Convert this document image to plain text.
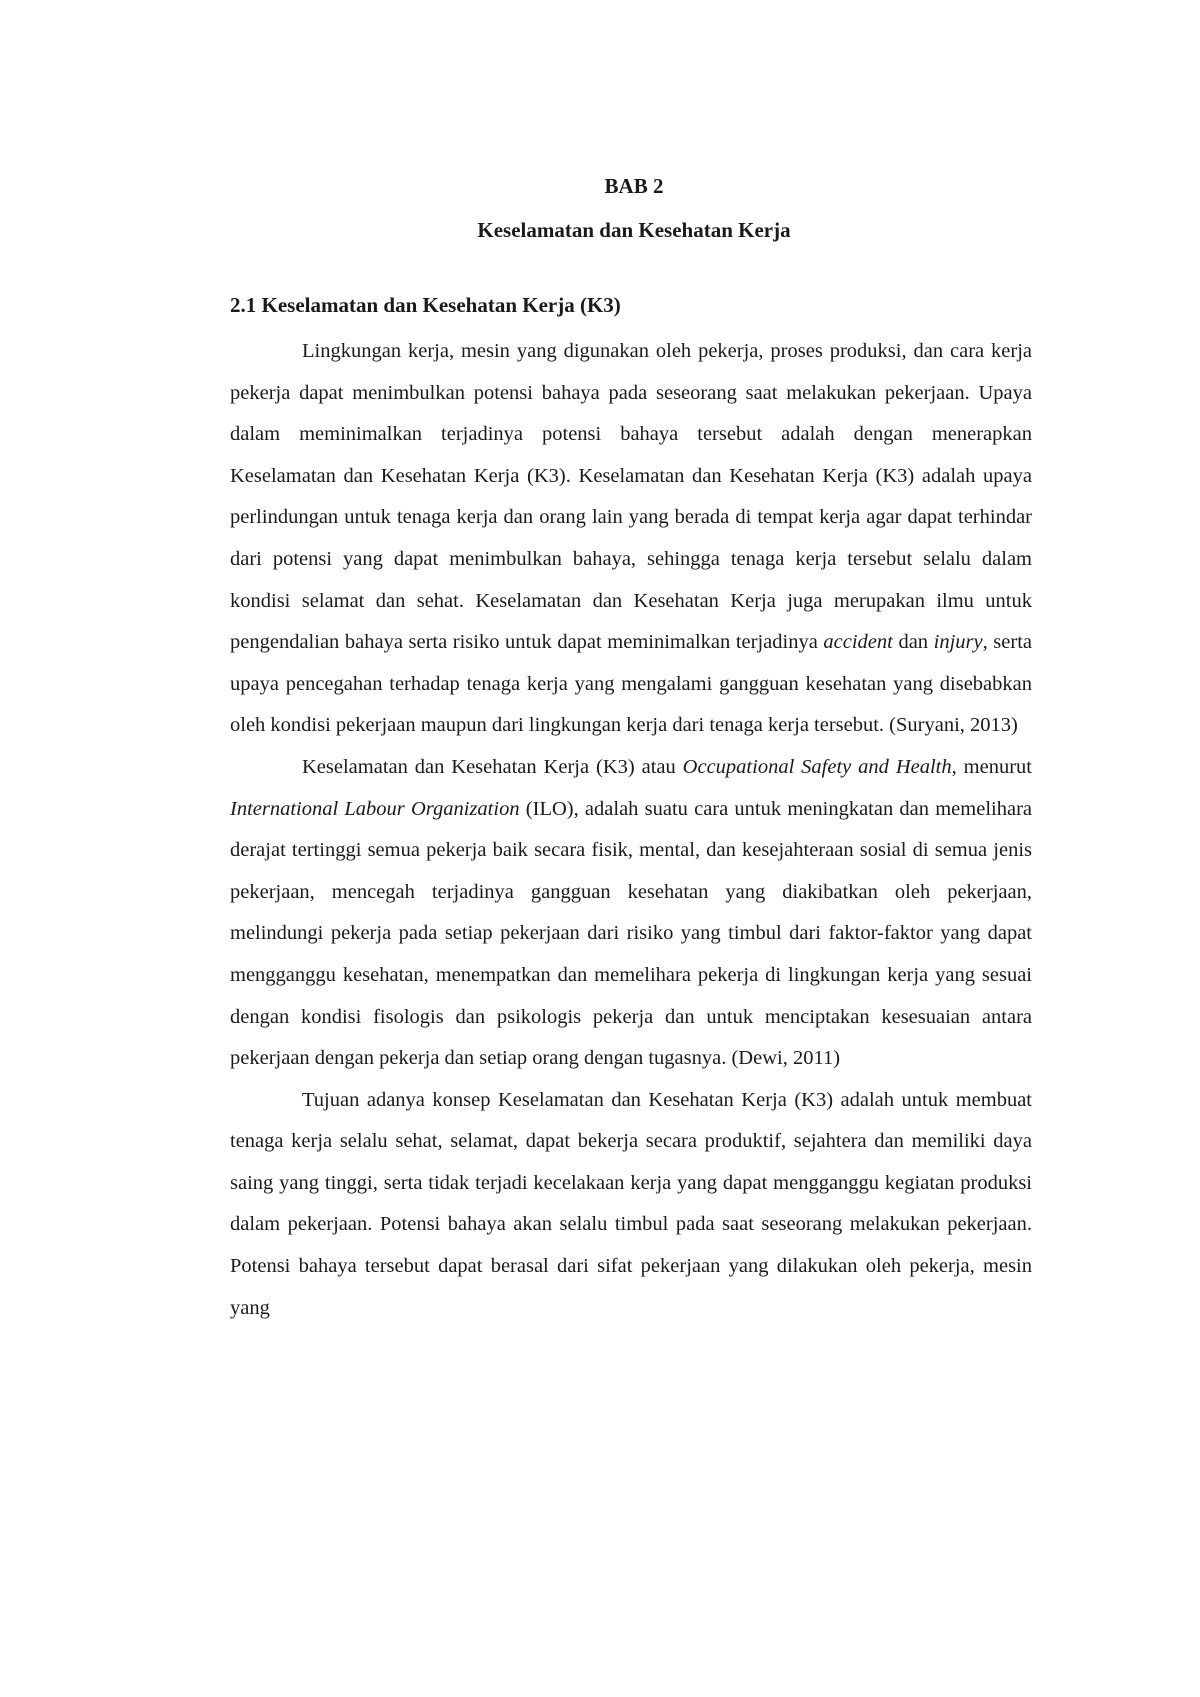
BAB 2
Keselamatan dan Kesehatan Kerja
2.1 Keselamatan dan Kesehatan Kerja (K3)

Lingkungan kerja, mesin yang digunakan oleh pekerja, proses produksi, dan cara kerja pekerja dapat menimbulkan potensi bahaya pada seseorang saat melakukan pekerjaan. Upaya dalam meminimalkan terjadinya potensi bahaya tersebut adalah dengan menerapkan Keselamatan dan Kesehatan Kerja (K3). Keselamatan dan Kesehatan Kerja (K3) adalah upaya perlindungan untuk tenaga kerja dan orang lain yang berada di tempat kerja agar dapat terhindar dari potensi yang dapat menimbulkan bahaya, sehingga tenaga kerja tersebut selalu dalam kondisi selamat dan sehat. Keselamatan dan Kesehatan Kerja juga merupakan ilmu untuk pengendalian bahaya serta risiko untuk dapat meminimalkan terjadinya accident dan injury, serta upaya pencegahan terhadap tenaga kerja yang mengalami gangguan kesehatan yang disebabkan oleh kondisi pekerjaan maupun dari lingkungan kerja dari tenaga kerja tersebut. (Suryani, 2013)

Keselamatan dan Kesehatan Kerja (K3) atau Occupational Safety and Health, menurut International Labour Organization (ILO), adalah suatu cara untuk meningkatan dan memelihara derajat tertinggi semua pekerja baik secara fisik, mental, dan kesejahteraan sosial di semua jenis pekerjaan, mencegah terjadinya gangguan kesehatan yang diakibatkan oleh pekerjaan, melindungi pekerja pada setiap pekerjaan dari risiko yang timbul dari faktor-faktor yang dapat mengganggu kesehatan, menempatkan dan memelihara pekerja di lingkungan kerja yang sesuai dengan kondisi fisologis dan psikologis pekerja dan untuk menciptakan kesesuaian antara pekerjaan dengan pekerja dan setiap orang dengan tugasnya. (Dewi, 2011)

Tujuan adanya konsep Keselamatan dan Kesehatan Kerja (K3) adalah untuk membuat tenaga kerja selalu sehat, selamat, dapat bekerja secara produktif, sejahtera dan memiliki daya saing yang tinggi, serta tidak terjadi kecelakaan kerja yang dapat mengganggu kegiatan produksi dalam pekerjaan. Potensi bahaya akan selalu timbul pada saat seseorang melakukan pekerjaan. Potensi bahaya tersebut dapat berasal dari sifat pekerjaan yang dilakukan oleh pekerja, mesin yang
